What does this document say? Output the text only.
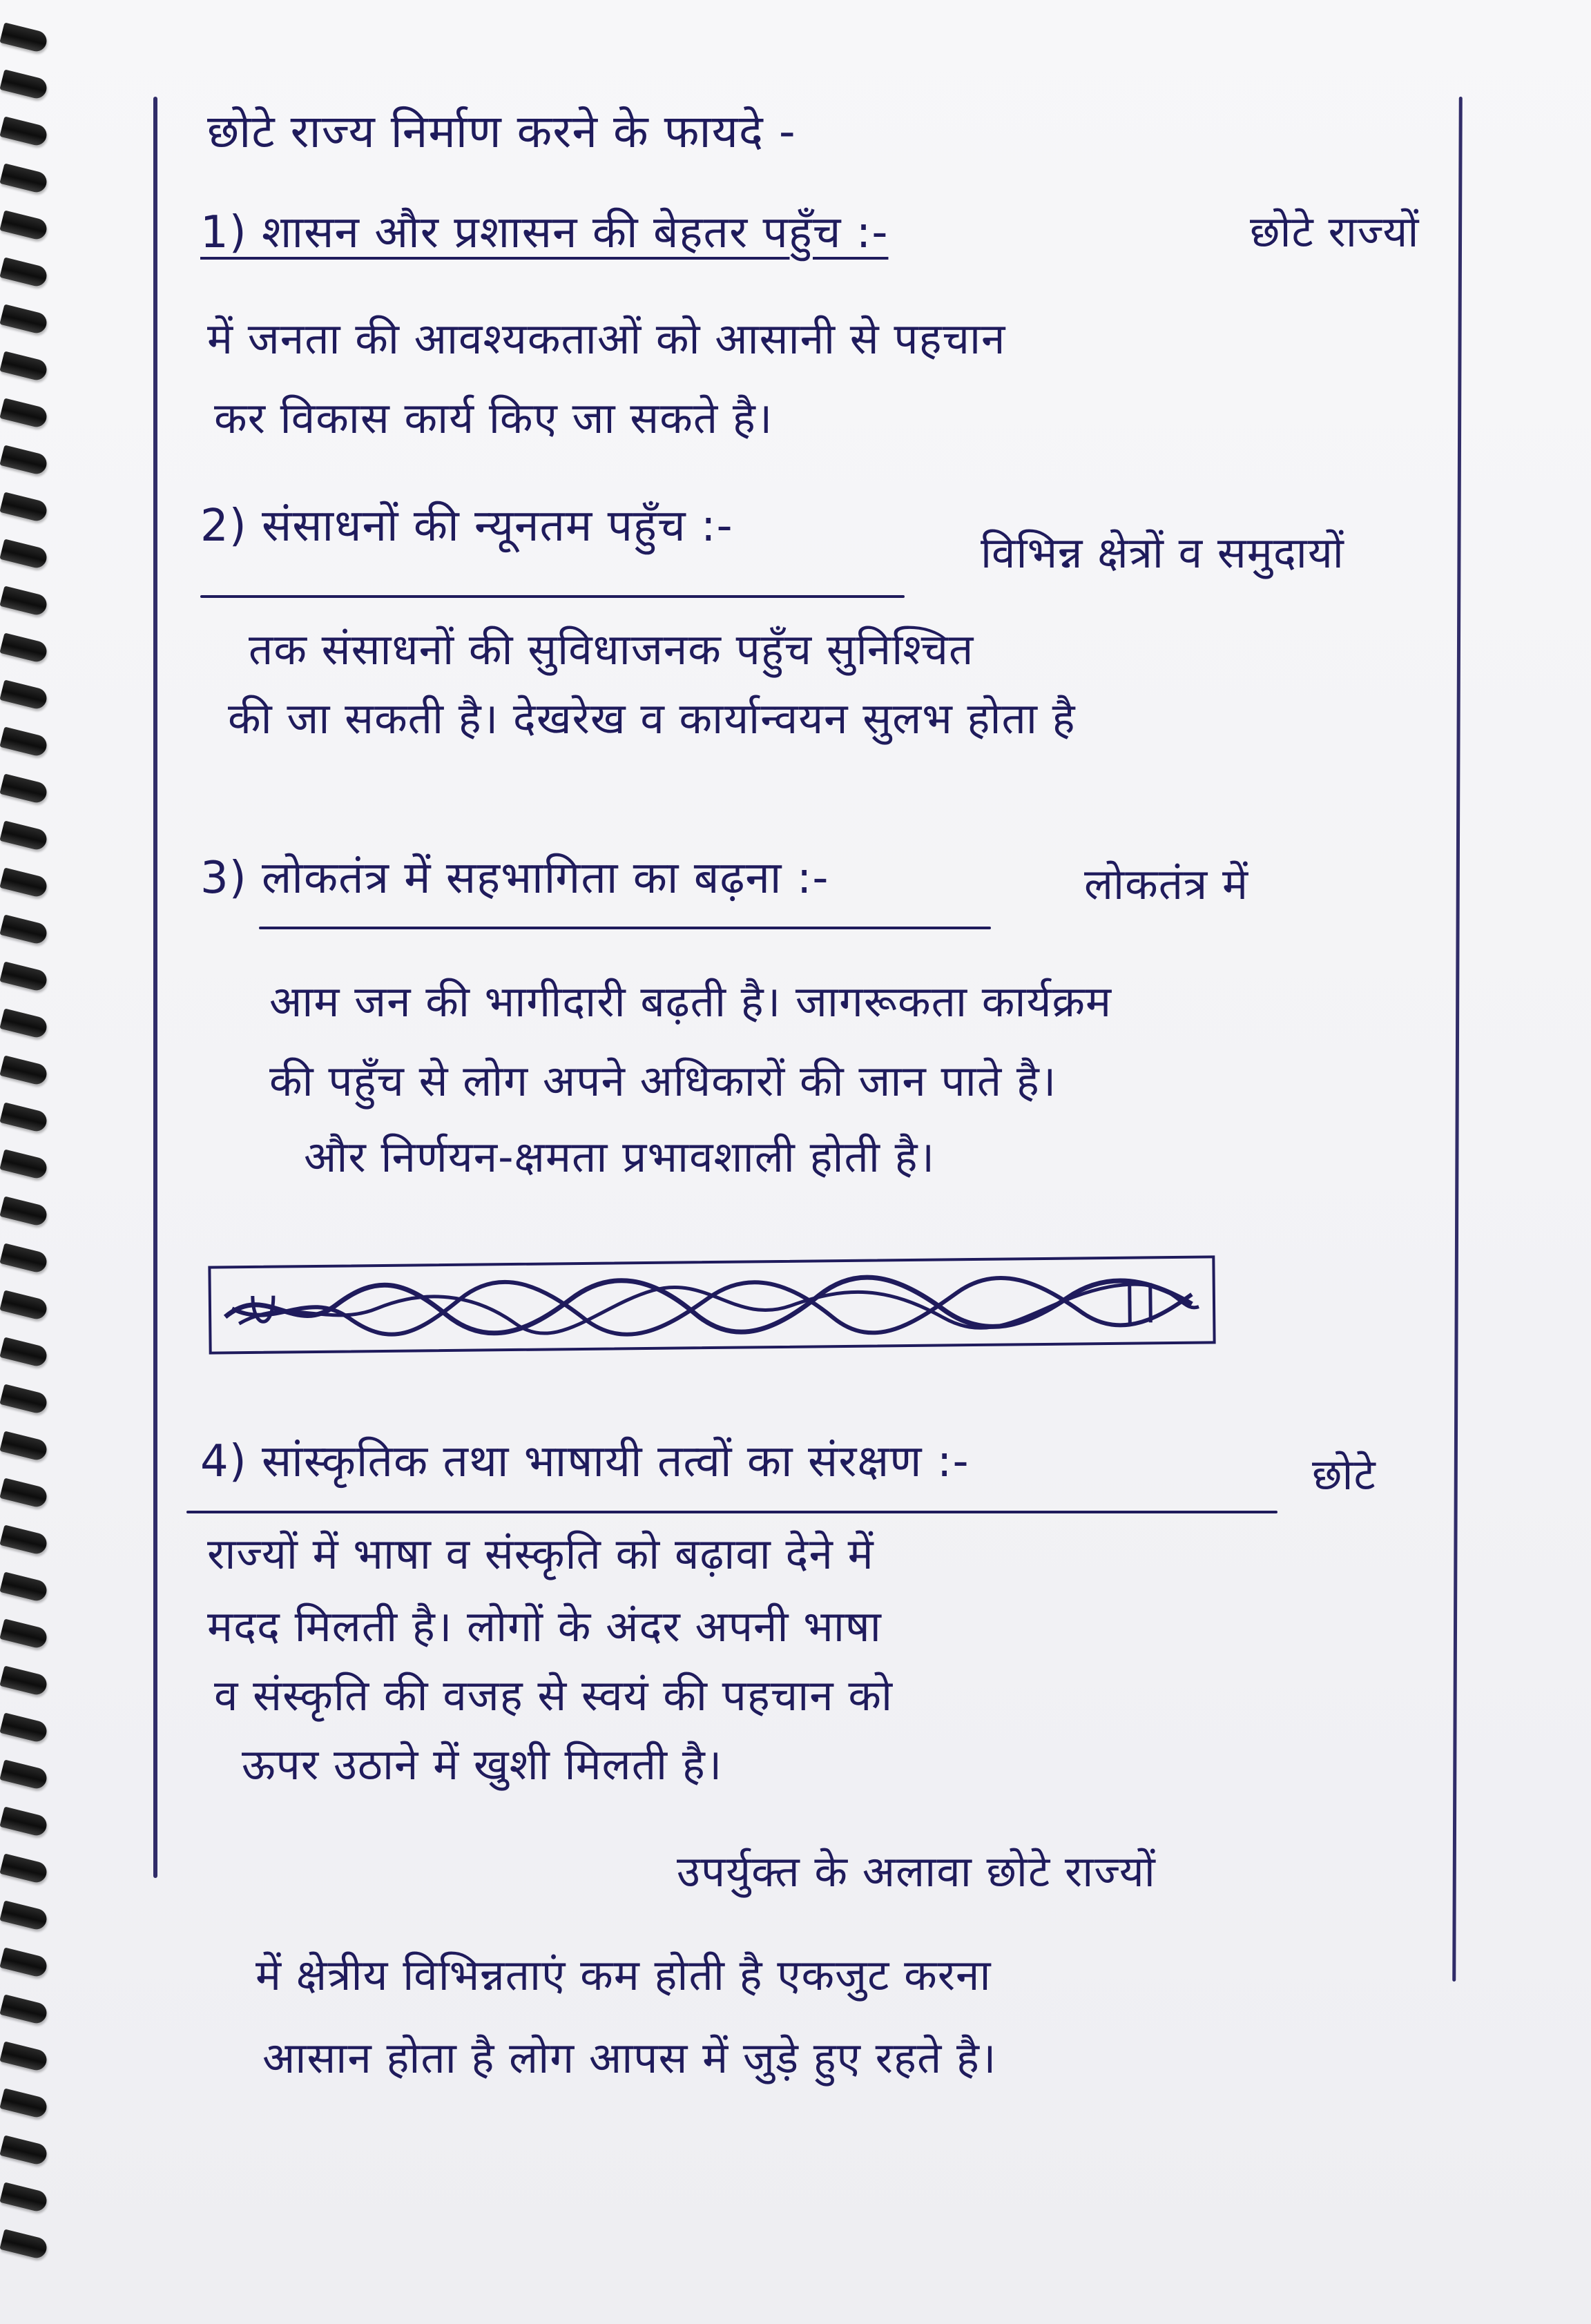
छोटे राज्य निर्माण करने के फायदे -
1) शासन और प्रशासन की बेहतर पहुँच :-	छोटे राज्यों
में जनता की आवश्यकताओं को आसानी से पहचान
कर विकास कार्य किए जा सकते है।
2) संसाधनों की न्यूनतम पहुँच :-
विभिन्न क्षेत्रों व समुदायों
तक संसाधनों की सुविधाजनक पहुँच सुनिश्चित
की जा सकती है। देखरेख व कार्यान्वयन सुलभ होता है
3) लोकतंत्र में सहभागिता का बढ़ना :-	लोकतंत्र में
आम जन की भागीदारी बढ़ती है। जागरूकता कार्यक्रम
की पहुँच से लोग अपने अधिकारों की जान पाते है।
और निर्णयन-क्षमता प्रभावशाली होती है।
4) सांस्कृतिक तथा भाषायी तत्वों का संरक्षण :-	छोटे
राज्यों में भाषा व संस्कृति को बढ़ावा देने में
मदद मिलती है। लोगों के अंदर अपनी भाषा
व संस्कृति की वजह से स्वयं की पहचान को
ऊपर उठाने में खुशी मिलती है।
उपर्युक्त के अलावा छोटे राज्यों
में क्षेत्रीय विभिन्नताएं कम होती है एकजुट करना
आसान होता है लोग आपस में जुड़े हुए रहते है।
